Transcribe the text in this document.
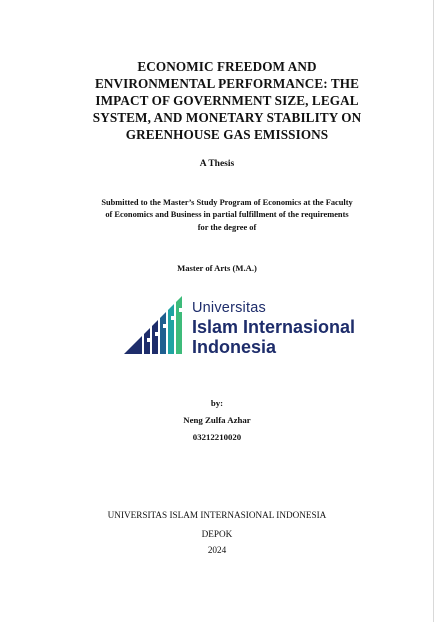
ECONOMIC FREEDOM AND
ENVIRONMENTAL PERFORMANCE: THE
IMPACT OF GOVERNMENT SIZE, LEGAL
SYSTEM, AND MONETARY STABILITY ON
GREENHOUSE GAS EMISSIONS
A Thesis
Submitted to the Master’s Study Program of Economics at the Faculty
of Economics and Business in partial fulfillment of the requirements
for the degree of
Master of Arts (M.A.)
Universitas
Islam Internasional
Indonesia
by:
Neng Zulfa Azhar
03212210020
UNIVERSITAS ISLAM INTERNASIONAL INDONESIA
DEPOK
2024
